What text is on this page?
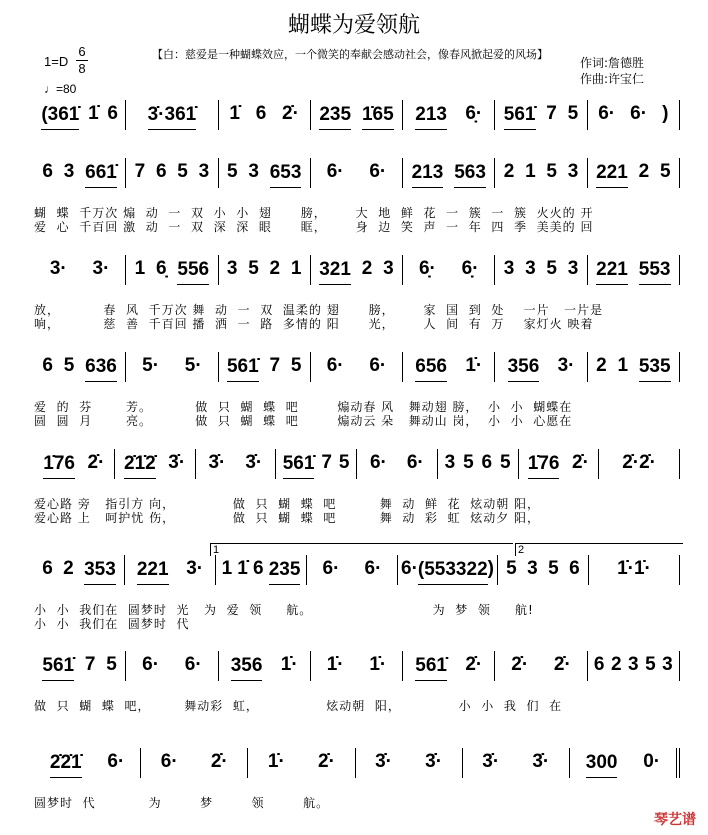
蝴蝶为爱领航
【白：慈爱是一种蝴蝶效应，一个微笑的奉献会感动社会，像春风掀起爱的风场】
作词:詹德胜
作曲:许宝仁
1=D
6
8
♩=80
(361̇ 1̇ 6 3̇·361̇ 1̇ 6 2̇· 235 1̇65 213 6̣· 561̇ 7 5 6· 6· )
6 3 661̇ 7 6 5 3 5 3 653 6· 6· 213 563 2 1 5 3 221 2 5
蝴  蝶  千万次 煽  动  一  双  小  小  翅      膀，      大  地  鲜  花  一  簇  一  簇  火火的 开
爱  心  千百回 激  动  一  双  深  深  眼      眶，      身  边  笑  声  一  年  四  季  美美的 回
3· 3· 1 6̣ 556 3 5 2 1 321 2 3 6̣· 6̣· 3 3 5 3 221 553
放，         春  风  千万次 舞  动  一  双  温柔的 翅      膀，      家  国  到  处    一片   一片是
响，         慈  善  千百回 播  洒  一  路  多情的 阳      光，      人  间  有  万    家灯火 映着
6 5 636 5· 5· 561̇ 7 5 6· 6· 656 1̇· 356 3· 2 1 535
爱  的  芬       芳。         做  只  蝴  蝶  吧        煽动春 风   舞动翅 膀，  小  小  蝴蝶在
圆  圆  月       亮。         做  只  蝴  蝶  吧        煽动云 朵   舞动山 岗，  小  小  心愿在
1̇76 2̇· 2̇1̇2̇ 3̇· 3̇· 3̇· 561̇ 7 5 6· 6· 3 5 6 5 1̇76 2̇· 2̇·2̇·
爱心路 旁   指引方 向，            做  只  蝴  蝶  吧         舞  动  鲜  花  炫动朝 阳，
爱心路 上   呵护忧 伤，            做  只  蝴  蝶  吧         舞  动  彩  虹  炫动夕 阳，
6 2 353 221 3· 1 1̇ 6 235 6· 6· 6· (553322 ) 5 3 5 6 1̇·1̇·
1	2
小  小  我们在  圆梦时  光   为  爱  领     航。                         为  梦  领     航!
小  小  我们在  圆梦时  代
561̇ 7 5 6· 6· 356 1̇· 1̇· 1̇· 561̇ 2̇· 2̇· 2̇· 6 2 3 5 3
做  只  蝴  蝶  吧，       舞动彩  虹，              炫动朝  阳，            小  小  我  们  在
2̇2̇1̇ 6· 6· 2̇· 1̇· 2̇· 3̇· 3̇· 3̇· 3̇· 300 0·
圆梦时  代           为        梦        领        航。
琴艺谱
